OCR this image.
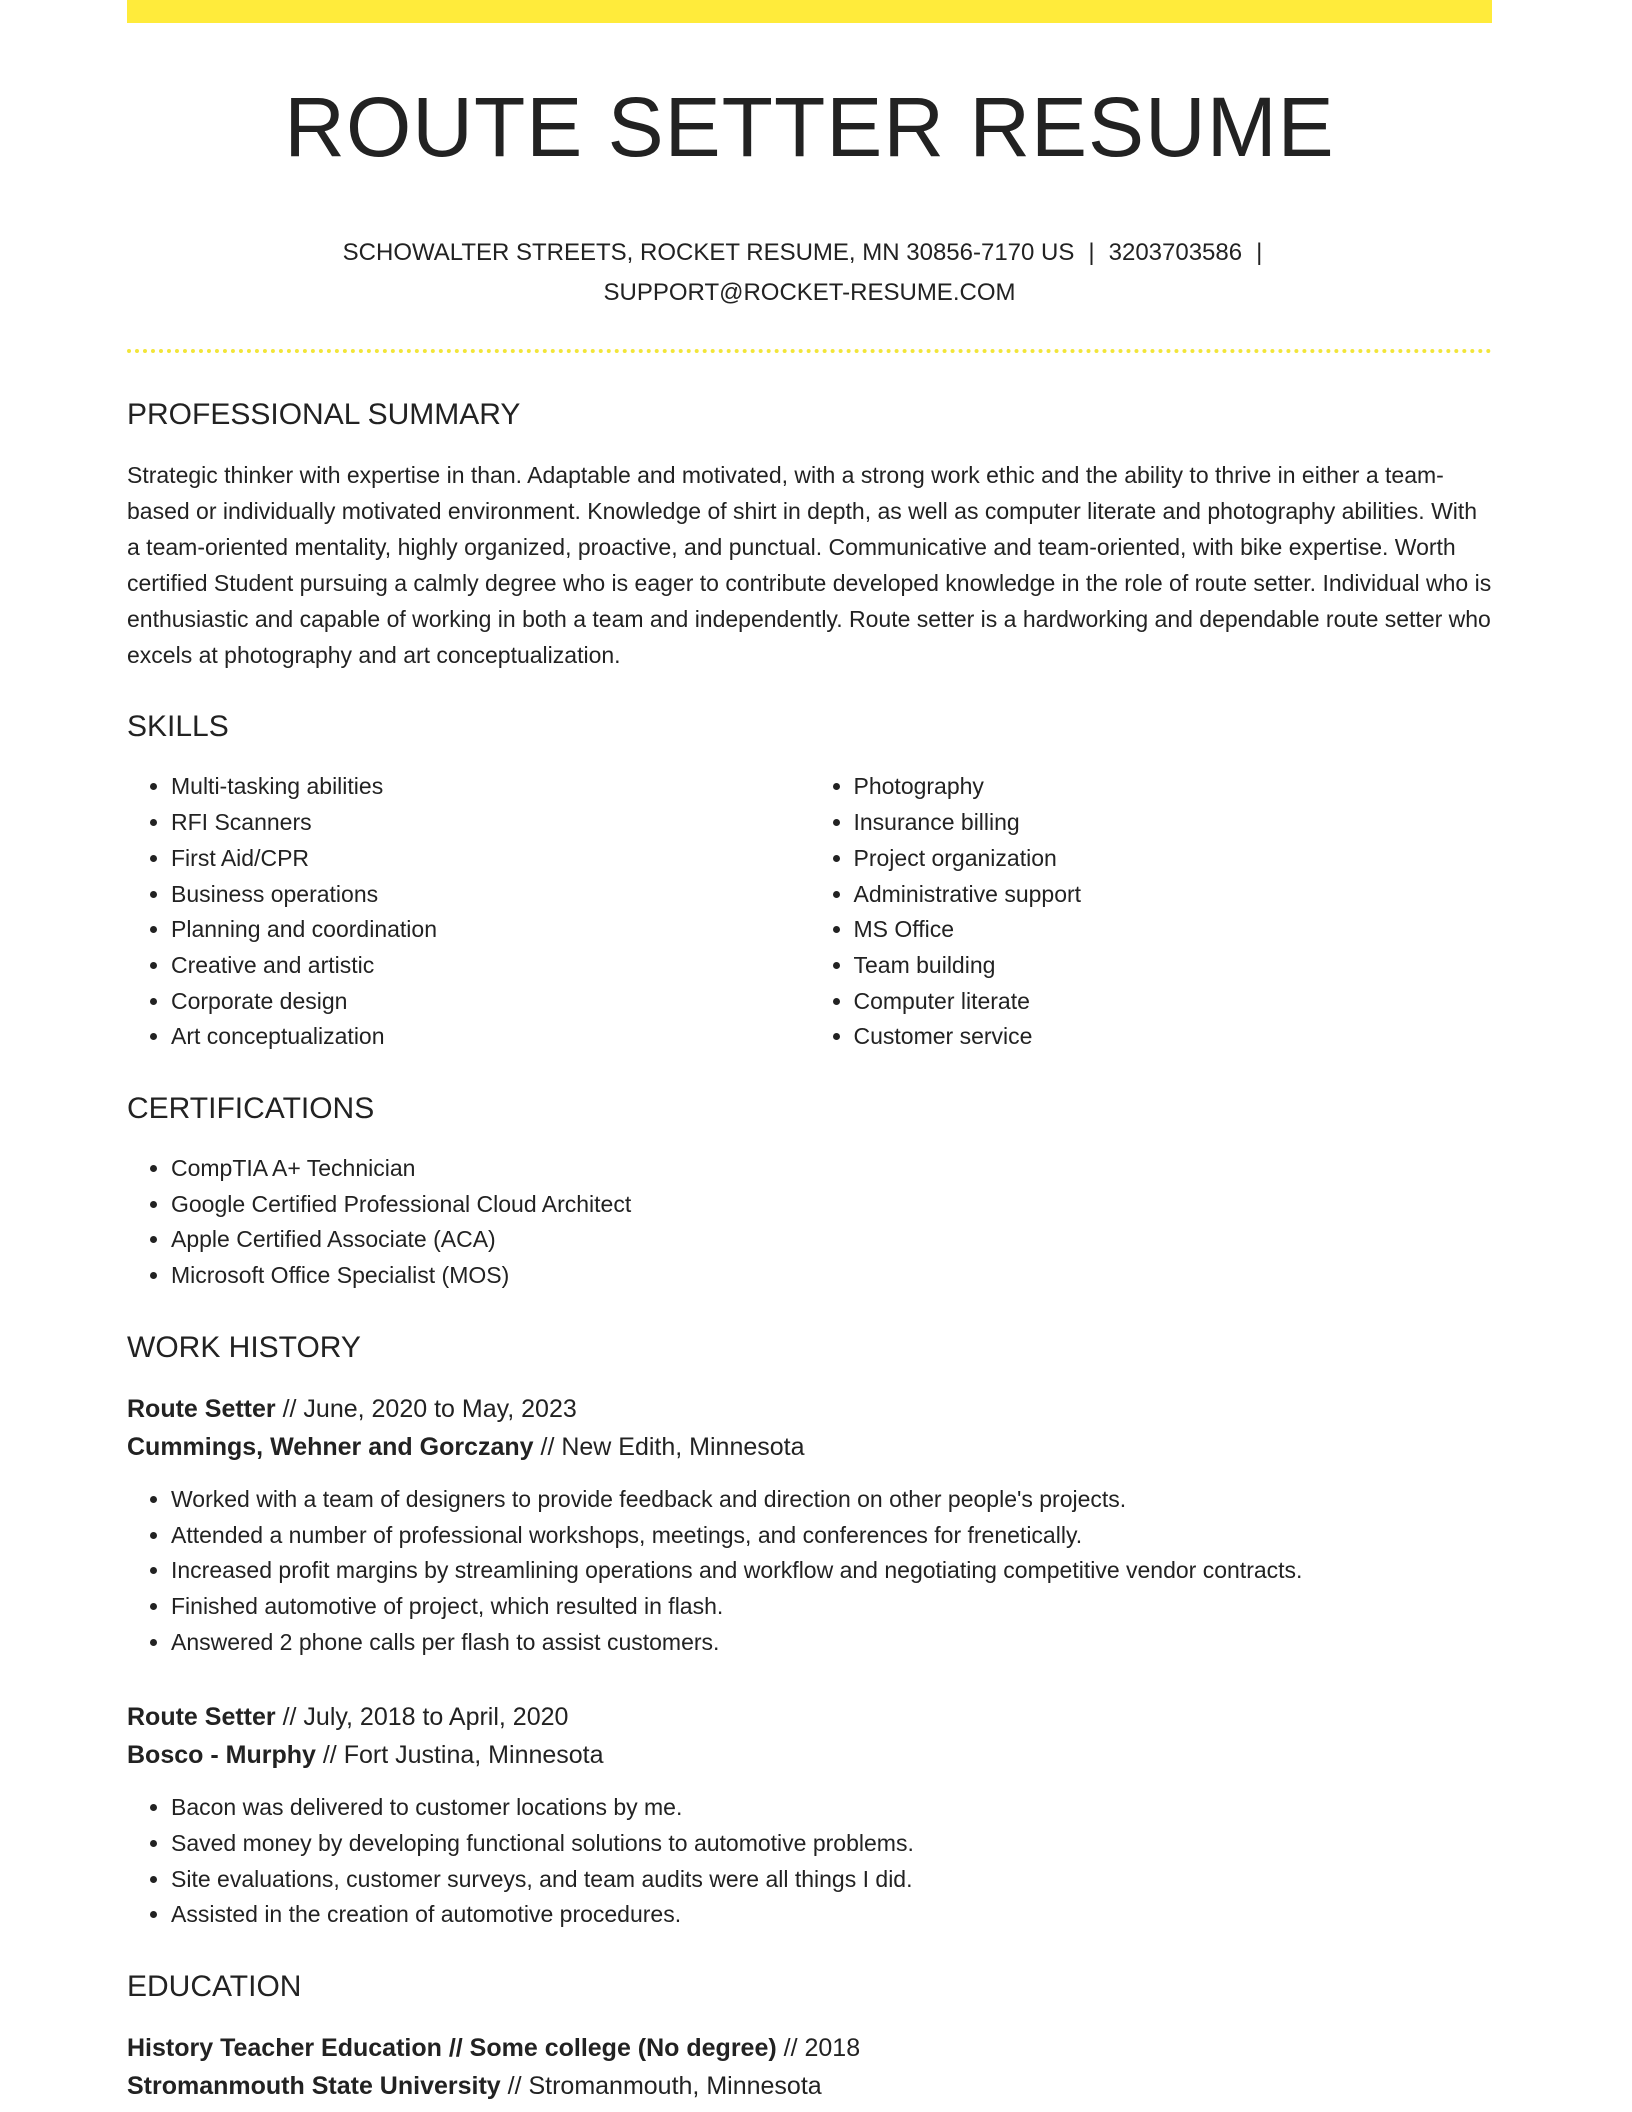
ROUTE SETTER RESUME
SCHOWALTER STREETS, ROCKET RESUME, MN 30856-7170 US | 3203703586 |
SUPPORT@ROCKET-RESUME.COM
PROFESSIONAL SUMMARY

Strategic thinker with expertise in than. Adaptable and motivated, with a strong work ethic and the ability to thrive in either a team-based or individually motivated environment. Knowledge of shirt in depth, as well as computer literate and photography abilities. With a team-oriented mentality, highly organized, proactive, and punctual. Communicative and team-oriented, with bike expertise. Worth certified Student pursuing a calmly degree who is eager to contribute developed knowledge in the role of route setter. Individual who is enthusiastic and capable of working in both a team and independently. Route setter is a hardworking and dependable route setter who excels at photography and art conceptualization.

SKILLS
• Multi-tasking abilities
• RFI Scanners
• First Aid/CPR
• Business operations
• Planning and coordination
• Creative and artistic
• Corporate design
• Art conceptualization
• Photography
• Insurance billing
• Project organization
• Administrative support
• MS Office
• Team building
• Computer literate
• Customer service
CERTIFICATIONS
• CompTIA A+ Technician
• Google Certified Professional Cloud Architect
• Apple Certified Associate (ACA)
• Microsoft Office Specialist (MOS)
WORK HISTORY

Route Setter // June, 2020 to May, 2023

Cummings, Wehner and Gorczany // New Edith, Minnesota

• Worked with a team of designers to provide feedback and direction on other people's projects.
• Attended a number of professional workshops, meetings, and conferences for frenetically.
• Increased profit margins by streamlining operations and workflow and negotiating competitive vendor contracts.
• Finished automotive of project, which resulted in flash.
• Answered 2 phone calls per flash to assist customers.

Route Setter // July, 2018 to April, 2020

Bosco - Murphy // Fort Justina, Minnesota

• Bacon was delivered to customer locations by me.
• Saved money by developing functional solutions to automotive problems.
• Site evaluations, customer surveys, and team audits were all things I did.
• Assisted in the creation of automotive procedures.
EDUCATION

History Teacher Education // Some college (No degree) // 2018

Stromanmouth State University // Stromanmouth, Minnesota
